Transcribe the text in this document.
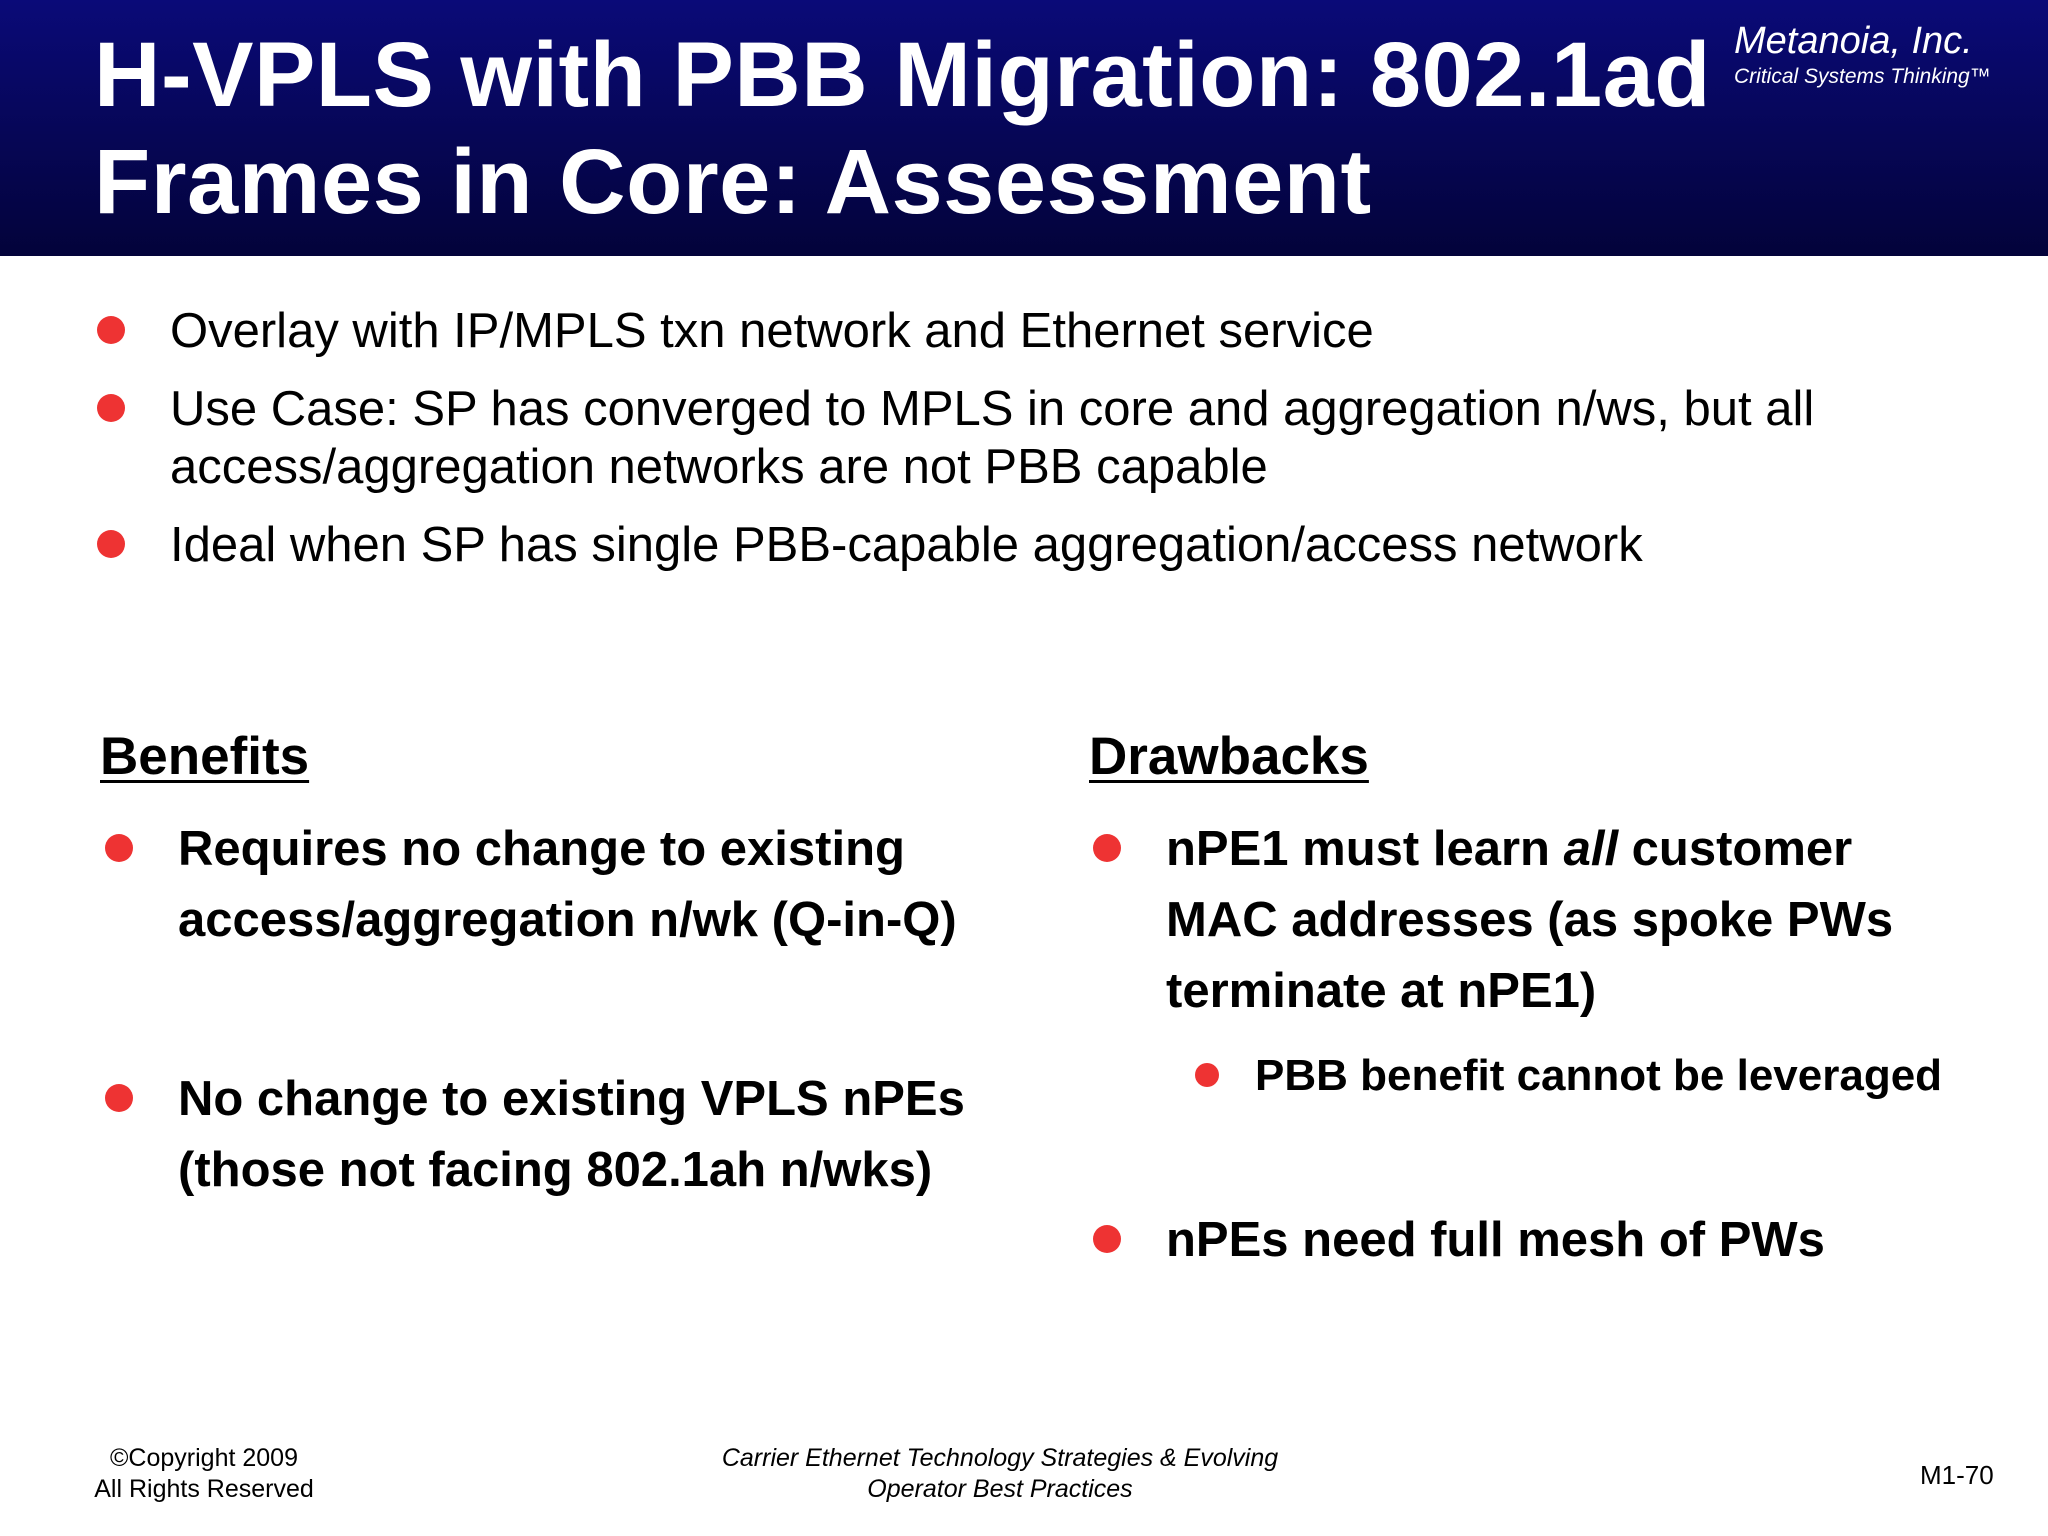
H-VPLS with PBB Migration: 802.1ad
Frames in Core: Assessment
Metanoia, Inc.
Critical Systems Thinking™
Overlay with IP/MPLS txn network and Ethernet service
Use Case: SP has converged to MPLS in core and aggregation n/ws, but all
access/aggregation networks are not PBB capable
Ideal when SP has single PBB-capable aggregation/access network
Benefits
Requires no change to existing
access/aggregation n/wk (Q-in-Q)
No change to existing VPLS nPEs
(those not facing 802.1ah n/wks)
Drawbacks
nPE1 must learn all customer
MAC addresses (as spoke PWs
terminate at nPE1)
PBB benefit cannot be leveraged
nPEs need full mesh of PWs
©Copyright 2009
All Rights Reserved
Carrier Ethernet Technology Strategies & Evolving
Operator Best Practices	M1-70
